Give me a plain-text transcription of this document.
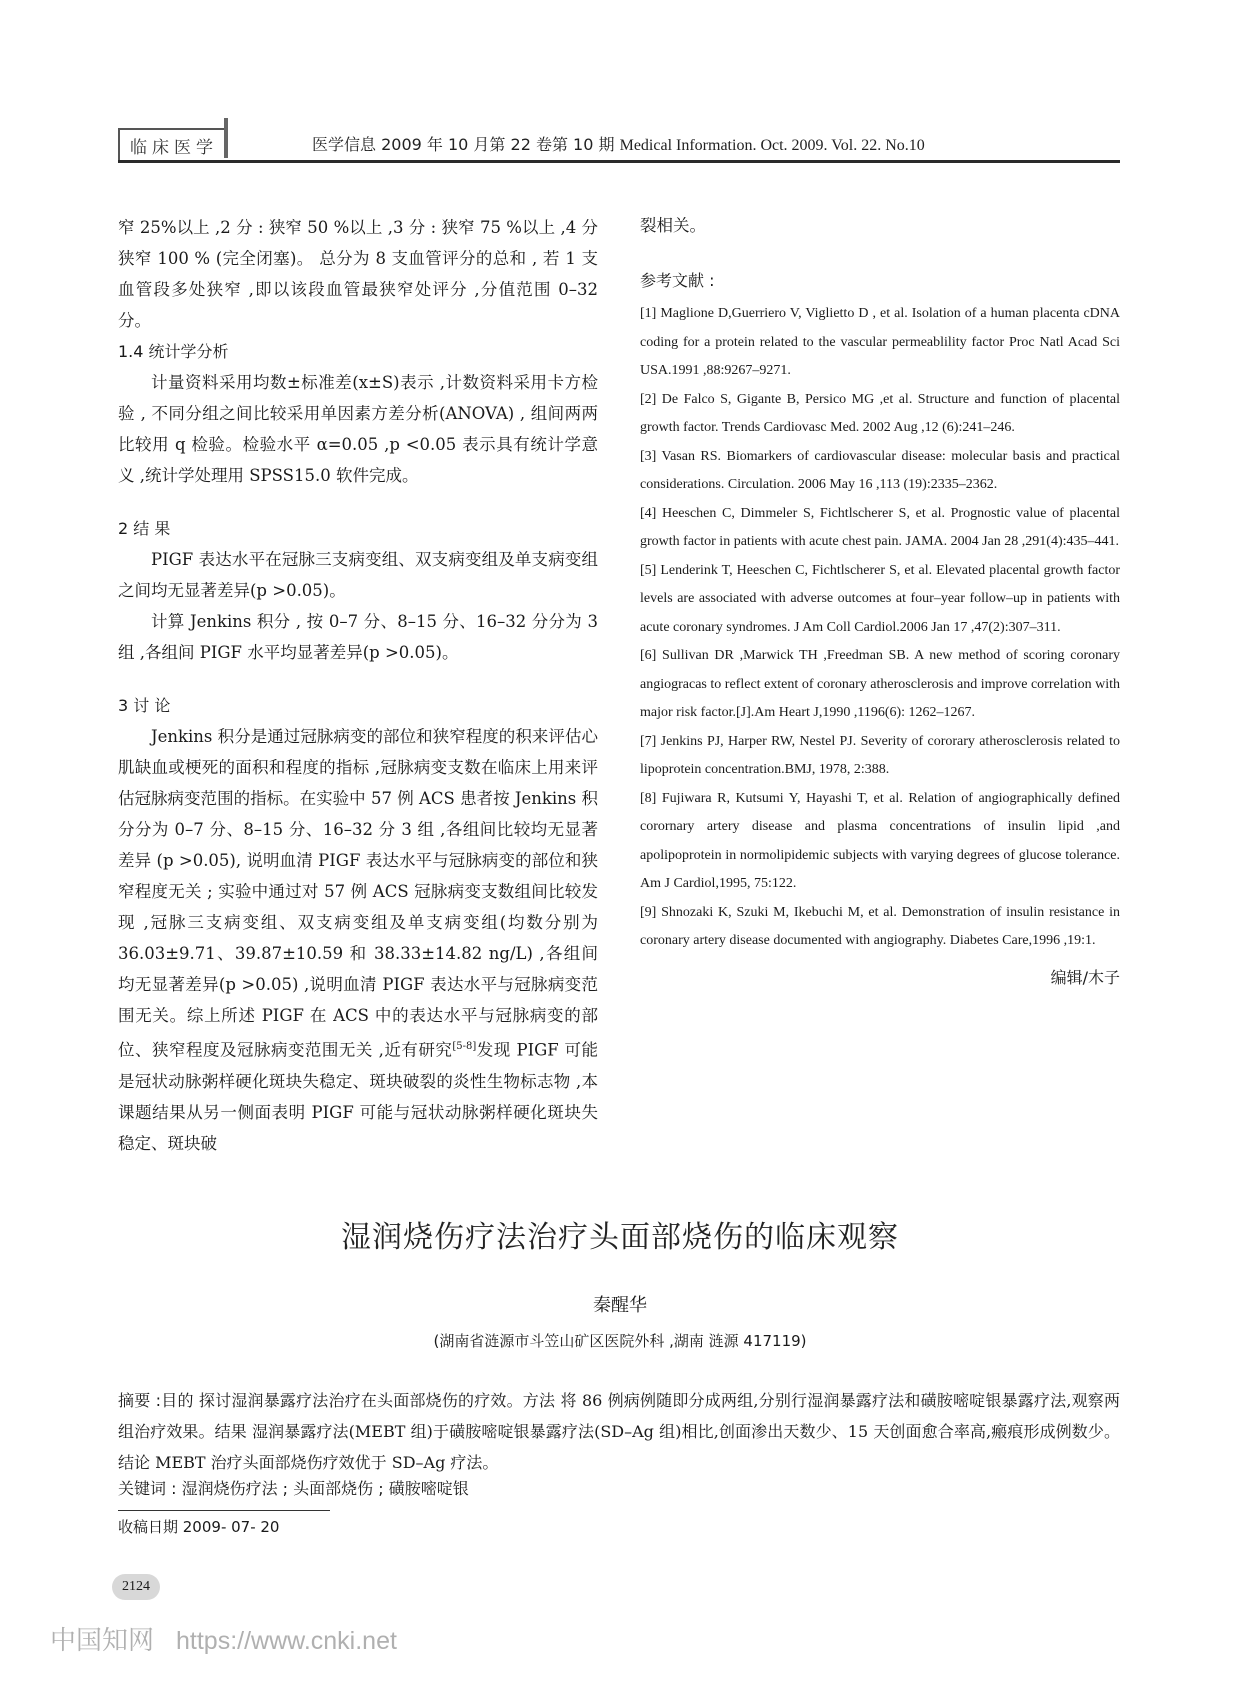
临床医学	医学信息 2009 年 10 月第 22 卷第 10 期 Medical Information. Oct. 2009. Vol. 22. No.10

窄 25%以上 ,2 分 : 狭窄 50 %以上 ,3 分 : 狭窄 75 %以上 ,4 分 狭窄 100 % (完全闭塞)。 总分为 8 支血管评分的总和 , 若 1 支血管段多处狭窄 ,即以该段血管最狭窄处评分 ,分值范围 0–32 分。

1.4 统计学分析

计量资料采用均数±标准差(x±S)表示 ,计数资料采用卡方检验 , 不同分组之间比较采用单因素方差分析(ANOVA) , 组间两两比较用 q 检验。检验水平 α=0.05 ,p <0.05 表示具有统计学意义 ,统计学处理用 SPSS15.0 软件完成。

2 结 果

PIGF 表达水平在冠脉三支病变组、双支病变组及单支病变组之间均无显著差异(p >0.05)。

计算 Jenkins 积分 , 按 0–7 分、8–15 分、16–32 分分为 3 组 ,各组间 PIGF 水平均显著差异(p >0.05)。

3 讨 论

Jenkins 积分是通过冠脉病变的部位和狭窄程度的积来评估心肌缺血或梗死的面积和程度的指标 ,冠脉病变支数在临床上用来评估冠脉病变范围的指标。在实验中 57 例 ACS 患者按 Jenkins 积分分为 0–7 分、8–15 分、16–32 分 3 组 ,各组间比较均无显著差异 (p >0.05), 说明血清 PIGF 表达水平与冠脉病变的部位和狭窄程度无关 ; 实验中通过对 57 例 ACS 冠脉病变支数组间比较发现 ,冠脉三支病变组、双支病变组及单支病变组(均数分别为 36.03±9.71、39.87±10.59 和 38.33±14.82 ng/L) ,各组间均无显著差异(p >0.05) ,说明血清 PIGF 表达水平与冠脉病变范围无关。综上所述 PIGF 在 ACS 中的表达水平与冠脉病变的部位、狭窄程度及冠脉病变范围无关 ,近有研究[5-8]发现 PIGF 可能是冠状动脉粥样硬化斑块失稳定、斑块破裂的炎性生物标志物 ,本课题结果从另一侧面表明 PIGF 可能与冠状动脉粥样硬化斑块失稳定、斑块破

裂相关。

参考文献 :

[1] Maglione D,Guerriero V, Viglietto D , et al. Isolation of a human placenta cDNA coding for a protein related to the vascular permeablility factor Proc Natl Acad Sci USA.1991 ,88:9267–9271.

[2] De Falco S, Gigante B, Persico MG ,et al. Structure and function of placental growth factor. Trends Cardiovasc Med. 2002 Aug ,12 (6):241–246.

[3] Vasan RS. Biomarkers of cardiovascular disease: molecular basis and practical considerations. Circulation. 2006 May 16 ,113 (19):2335–2362.

[4] Heeschen C, Dimmeler S, Fichtlscherer S, et al. Prognostic value of placental growth factor in patients with acute chest pain. JAMA. 2004 Jan 28 ,291(4):435–441.

[5] Lenderink T, Heeschen C, Fichtlscherer S, et al. Elevated placental growth factor levels are associated with adverse outcomes at four–year follow–up in patients with acute coronary syndromes. J Am Coll Cardiol.2006 Jan 17 ,47(2):307–311.

[6] Sullivan DR ,Marwick TH ,Freedman SB. A new method of scoring coronary angiogracas to reflect extent of coronary atherosclerosis and improve correlation with major risk factor.[J].Am Heart J,1990 ,1196(6): 1262–1267.

[7] Jenkins PJ, Harper RW, Nestel PJ. Severity of cororary atherosclerosis related to lipoprotein concentration.BMJ, 1978, 2:388.

[8] Fujiwara R, Kutsumi Y, Hayashi T, et al. Relation of angiographically defined corornary artery disease and plasma concentrations of insulin lipid ,and apolipoprotein in normolipidemic subjects with varying degrees of glucose tolerance. Am J Cardiol,1995, 75:122.

[9] Shnozaki K, Szuki M, Ikebuchi M, et al. Demonstration of insulin resistance in coronary artery disease documented with angiography. Diabetes Care,1996 ,19:1.

编辑/木子

湿润烧伤疗法治疗头面部烧伤的临床观察
秦醒华
(湖南省涟源市斗笠山矿区医院外科 ,湖南 涟源 417119)
摘要 :目的 探讨湿润暴露疗法治疗在头面部烧伤的疗效。方法 将 86 例病例随即分成两组,分别行湿润暴露疗法和磺胺嘧啶银暴露疗法,观察两组治疗效果。结果 湿润暴露疗法(MEBT 组)于磺胺嘧啶银暴露疗法(SD–Ag 组)相比,创面渗出天数少、15 天创面愈合率高,瘢痕形成例数少。结论 MEBT 治疗头面部烧伤疗效优于 SD–Ag 疗法。
关键词 : 湿润烧伤疗法 ; 头面部烧伤 ; 磺胺嘧啶银
收稿日期 2009- 07- 20
2124
中国知网 https://www.cnki.net
